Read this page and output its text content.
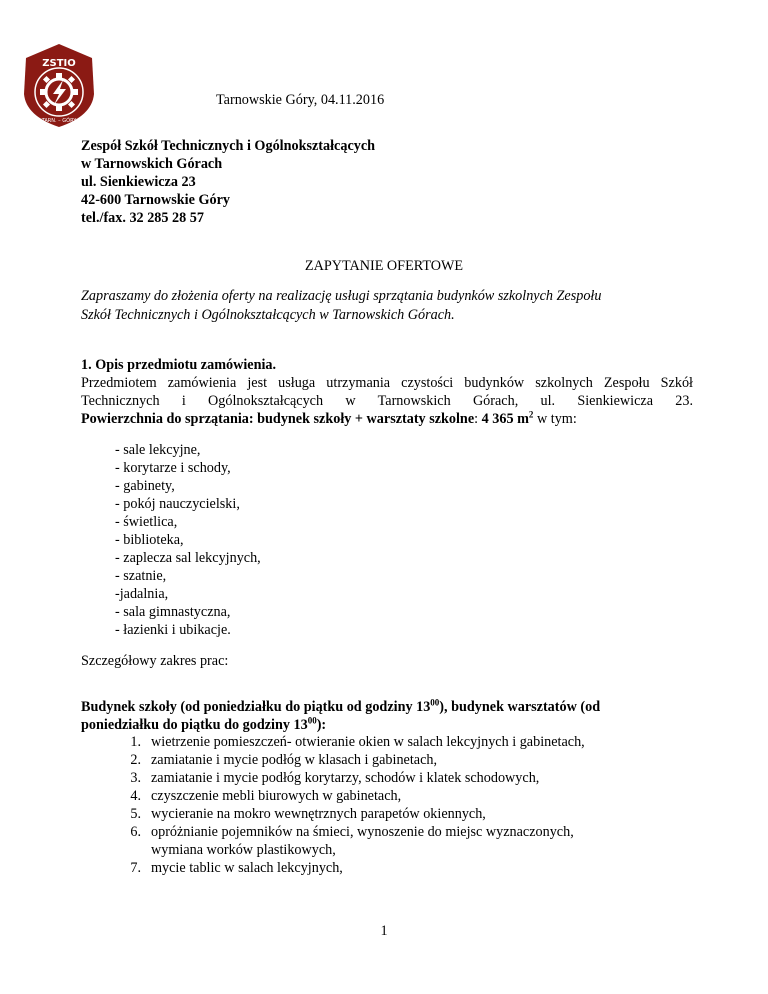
TARN. – GÓRY
ZSTIO

Tarnowskie Góry, 04.11.2016

Zespół Szkół Technicznych i Ogólnokształcących
w Tarnowskich Górach
ul. Sienkiewicza 23
42-600 Tarnowskie Góry
tel./fax. 32 285 28 57

ZAPYTANIE OFERTOWE

Zapraszamy do złożenia oferty na realizację usługi sprzątania budynków szkolnych Zespołu
Szkół Technicznych i Ogólnokształcących w Tarnowskich Górach.

1. Opis przedmiotu zamówienia.

Przedmiotem zamówienia jest usługa utrzymania czystości budynków szkolnych Zespołu Szkół
Technicznych i Ogólnokształcących w Tarnowskich Górach, ul. Sienkiewicza 23.
Powierzchnia do sprzątania: budynek szkoły + warsztaty szkolne: 4 365 $m^2$ w tym:
- sale lekcyjne,
- korytarze i schody,
- gabinety,
- pokój nauczycielski,
- świetlica,
- biblioteka,
- zaplecza sal lekcyjnych,
- szatnie,
-jadalnia,
- sala gimnastyczna,
- łazienki i ubikacje.

Szczegółowy zakres prac:

Budynek szkoły (od poniedziałku do piątku od godziny $13^{00}$), budynek warsztatów (od
poniedziałku do piątku do godziny $13^{00}$):
1. wietrzenie pomieszczeń- otwieranie okien w salach lekcyjnych i gabinetach,
2. zamiatanie i mycie podłóg w klasach i gabinetach,
3. zamiatanie i mycie podłóg korytarzy, schodów i klatek schodowych,
4. czyszczenie mebli biurowych w gabinetach,
5. wycieranie na mokro wewnętrznych parapetów okiennych,
6. opróżnianie pojemników na śmieci, wynoszenie do miejsc wyznaczonych,
wymiana worków plastikowych,
7. mycie tablic w salach lekcyjnych,

1
